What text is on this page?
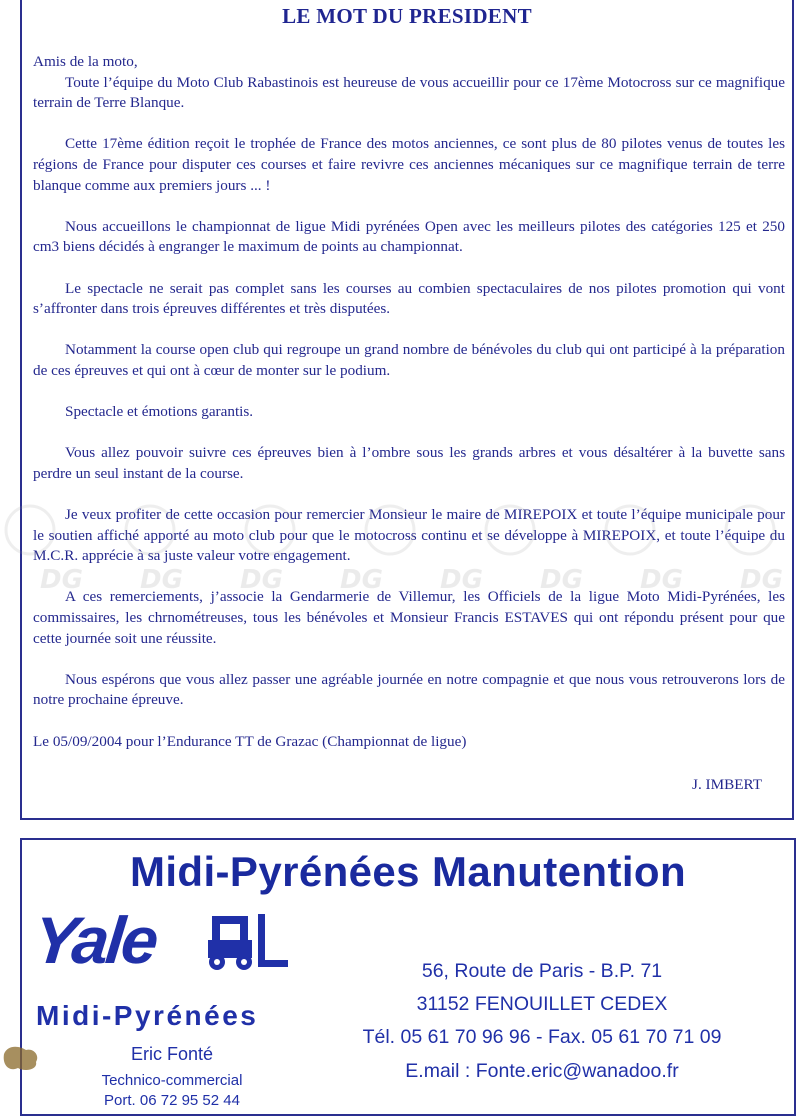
LE MOT DU PRESIDENT

Amis de la moto,

Toute l’équipe du Moto Club Rabastinois est heureuse de vous accueillir pour ce 17ème Motocross sur ce magnifique terrain de Terre Blanque.

Cette 17ème édition reçoit le trophée de France des motos anciennes, ce sont plus de 80 pilotes venus de toutes les régions de France pour disputer ces courses et faire revivre ces anciennes mécaniques sur ce magnifique terrain de terre blanque comme aux premiers jours ... !

Nous accueillons le championnat de ligue Midi pyrénées Open avec les meilleurs pilotes des catégories 125 et 250 cm3 biens décidés à engranger le maximum de points au championnat.

Le spectacle ne serait pas complet sans les courses au combien spectaculaires de nos pilotes promotion qui vont s’affronter dans trois épreuves différentes et très disputées.

Notamment la course open club qui regroupe un grand nombre de bénévoles du club qui ont participé à la préparation de ces épreuves et qui ont à cœur de monter sur le podium.

Spectacle et émotions garantis.

Vous allez pouvoir suivre ces épreuves bien à l’ombre sous les grands arbres et vous désaltérer à la buvette sans perdre un seul instant de la course.

Je veux profiter de cette occasion pour remercier Monsieur le maire de MIREPOIX et toute l’équipe municipale pour le soutien affiché apporté au moto club pour que le motocross continu et se développe à MIREPOIX, et toute l’équipe du M.C.R. apprécie à sa juste valeur votre engagement.

A ces remerciements, j’associe la Gendarmerie de Villemur, les Officiels de la ligue Moto Midi-Pyrénées, les commissaires, les chrnométreuses, tous les bénévoles et Monsieur Francis ESTAVES qui ont répondu présent pour que cette journée soit une réussite.

Nous espérons que vous allez passer une agréable journée en notre compagnie et que nous vous retrouverons lors de notre prochaine épreuve.

Le 05/09/2004 pour l’Endurance TT de Grazac (Championnat de ligue)

J. IMBERT
DG DG DG DG DG DG DG DG
Midi-Pyrénées Manutention
Yale
Midi-Pyrénées
Eric Fonté
Technico-commercial
Port. 06 72 95 52 44
56, Route de Paris - B.P. 71
31152 FENOUILLET CEDEX
Tél. 05 61 70 96 96 - Fax. 05 61 70 71 09
E.mail : Fonte.eric@wanadoo.fr
